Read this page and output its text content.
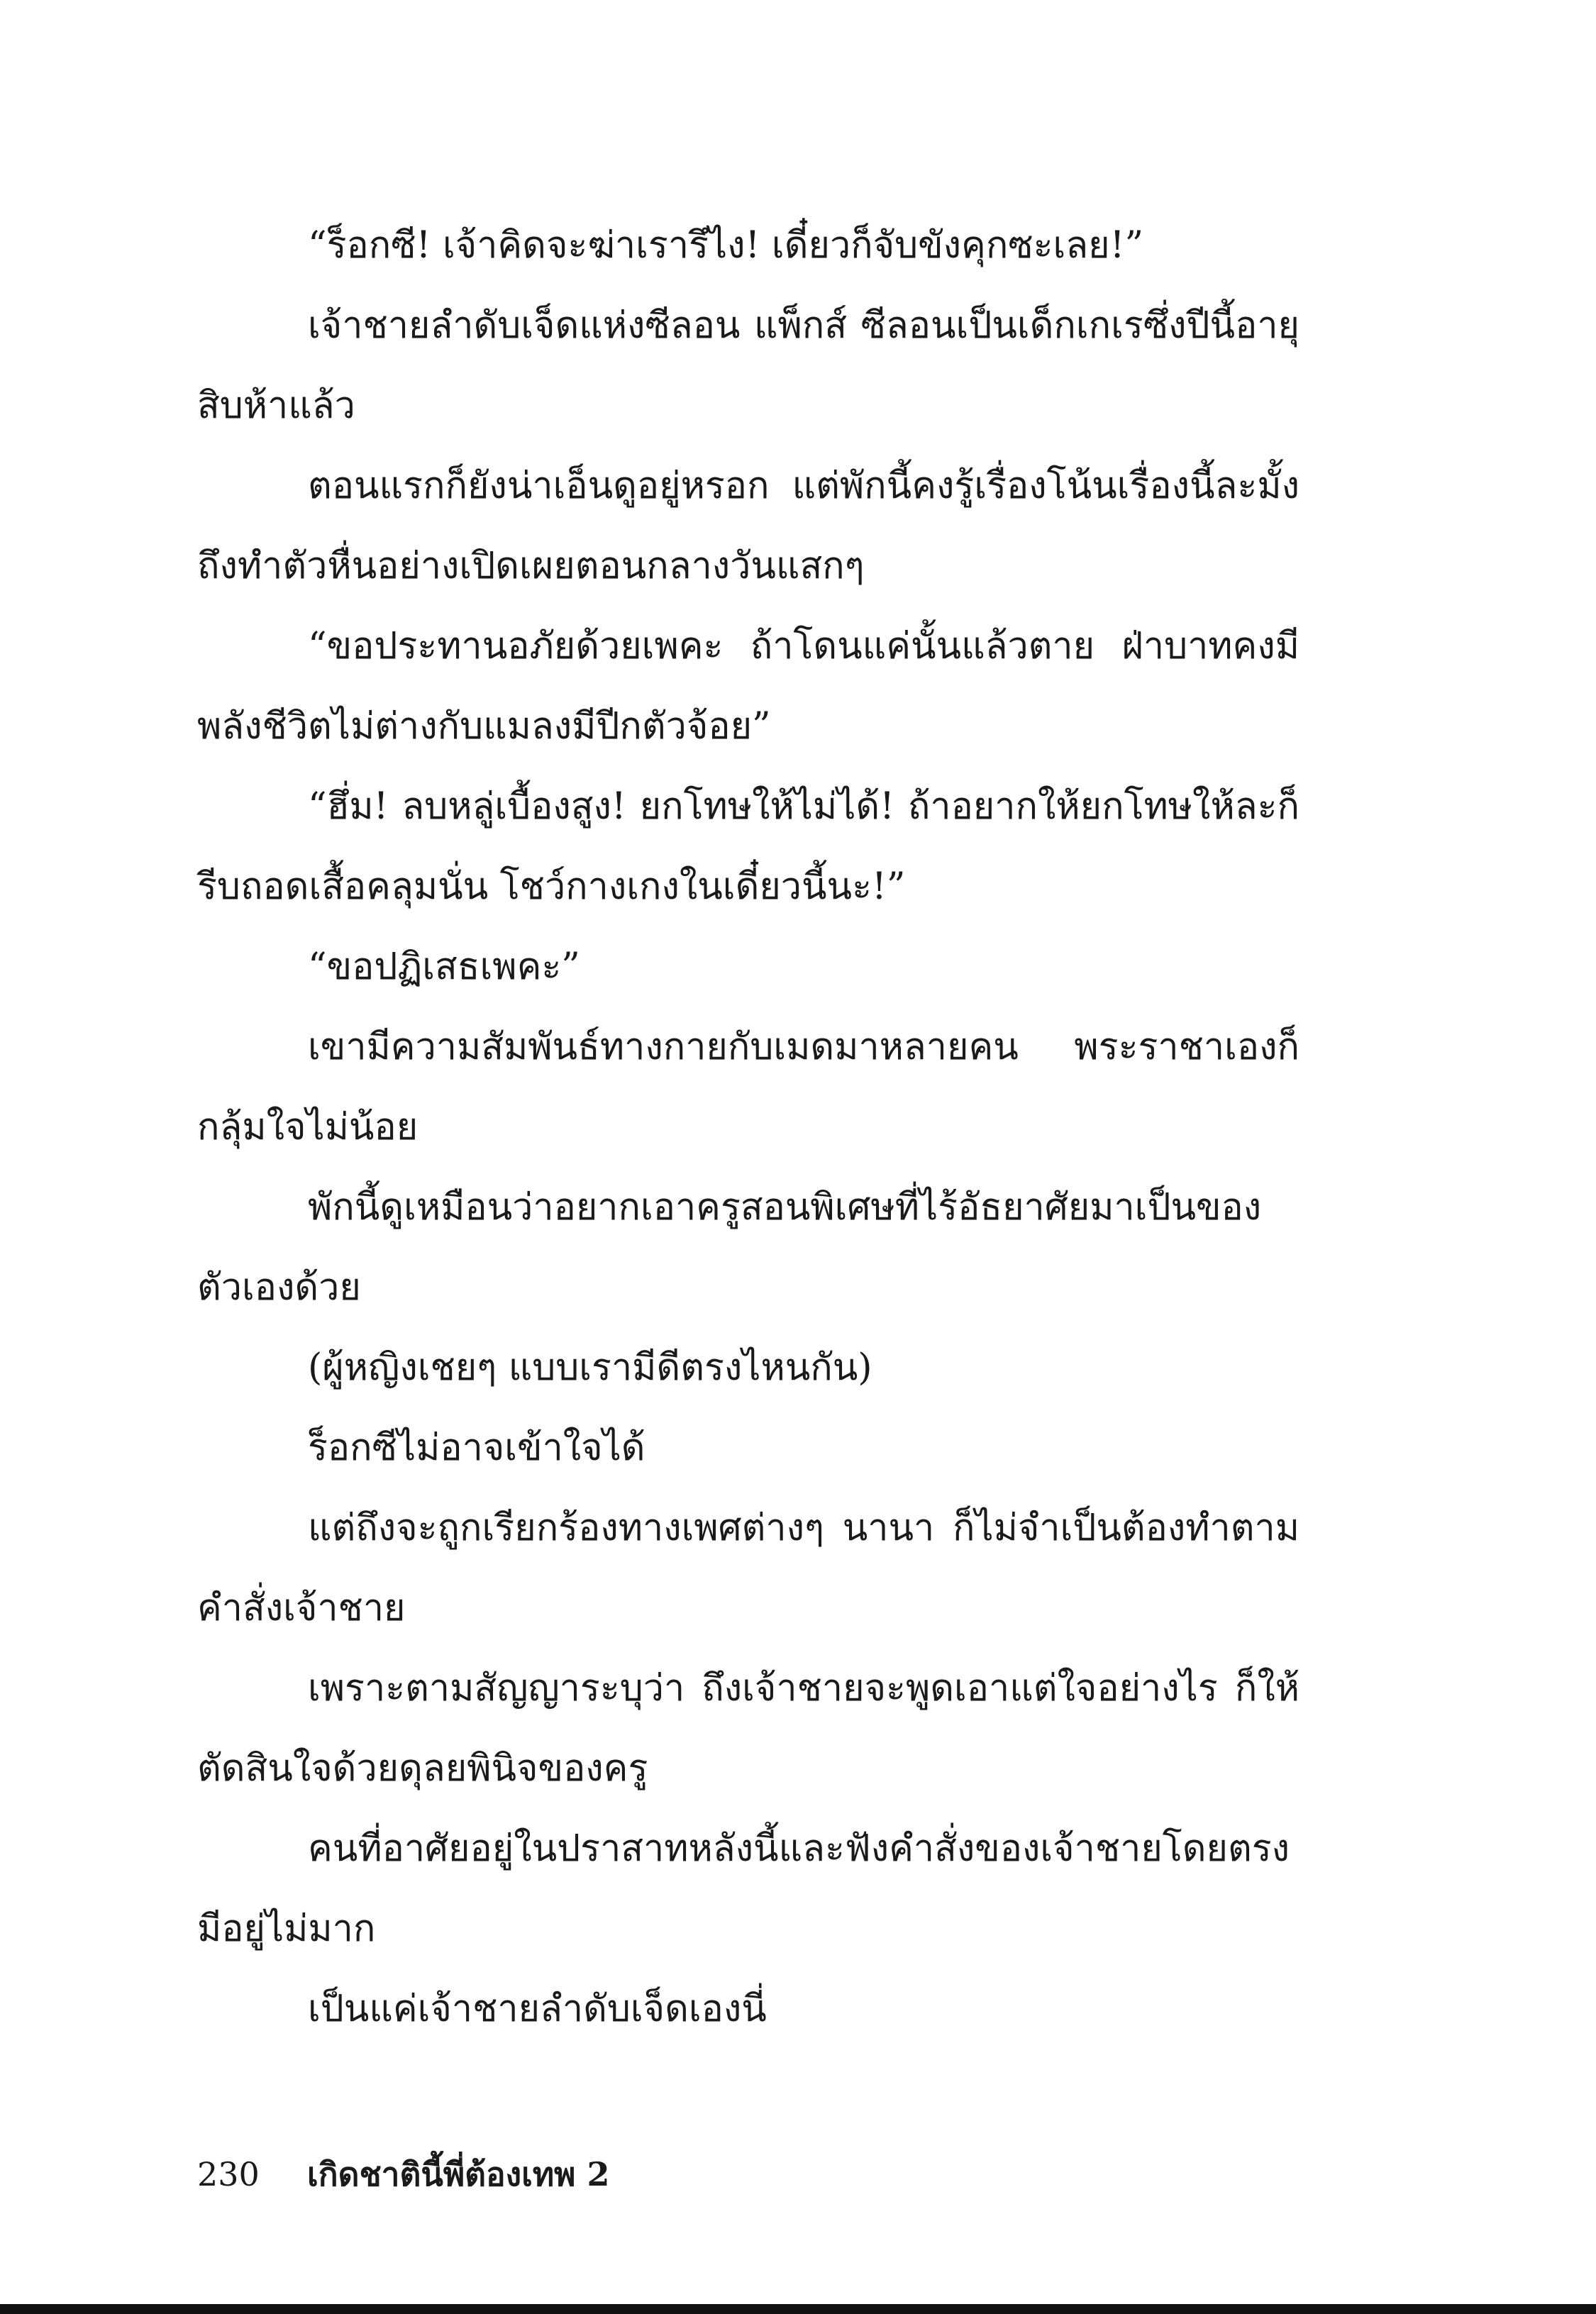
“ร็อกซี! เจ้าคิดจะฆ่าเรารึไง! เดี๋ยวก็จับขังคุกซะเลย!”

เจ้าชายลำดับเจ็ดแห่งซีลอน แพ็กส์ ซีลอนเป็นเด็กเกเรซึ่งปีนี้อายุสิบห้าแล้ว

ตอนแรกก็ยังน่าเอ็นดูอยู่หรอก แต่พักนี้คงรู้เรื่องโน้นเรื่องนี้ละมั้งถึงทำตัวหื่นอย่างเปิดเผยตอนกลางวันแสกๆ

“ขอประทานอภัยด้วยเพคะ ถ้าโดนแค่นั้นแล้วตาย ฝ่าบาทคงมีพลังชีวิตไม่ต่างกับแมลงมีปีกตัวจ้อย”

“ฮึ่ม! ลบหลู่เบื้องสูง! ยกโทษให้ไม่ได้! ถ้าอยากให้ยกโทษให้ละก็รีบถอดเสื้อคลุมนั่น โชว์กางเกงในเดี๋ยวนี้นะ!”

“ขอปฏิเสธเพคะ”

เขามีความสัมพันธ์ทางกายกับเมดมาหลายคน พระราชาเองก็กลุ้มใจไม่น้อย

พักนี้ดูเหมือนว่าอยากเอาครูสอนพิเศษที่ไร้อัธยาศัยมาเป็นของตัวเองด้วย

(ผู้หญิงเชยๆ แบบเรามีดีตรงไหนกัน)

ร็อกซีไม่อาจเข้าใจได้

แต่ถึงจะถูกเรียกร้องทางเพศต่างๆ นานา ก็ไม่จำเป็นต้องทำตามคำสั่งเจ้าชาย

เพราะตามสัญญาระบุว่า ถึงเจ้าชายจะพูดเอาแต่ใจอย่างไร ก็ให้ตัดสินใจด้วยดุลยพินิจของครู

คนที่อาศัยอยู่ในปราสาทหลังนี้และฟังคำสั่งของเจ้าชายโดยตรงมีอยู่ไม่มาก

เป็นแค่เจ้าชายลำดับเจ็ดเองนี่

230	เกิดชาตินี้พี่ต้องเทพ 2
